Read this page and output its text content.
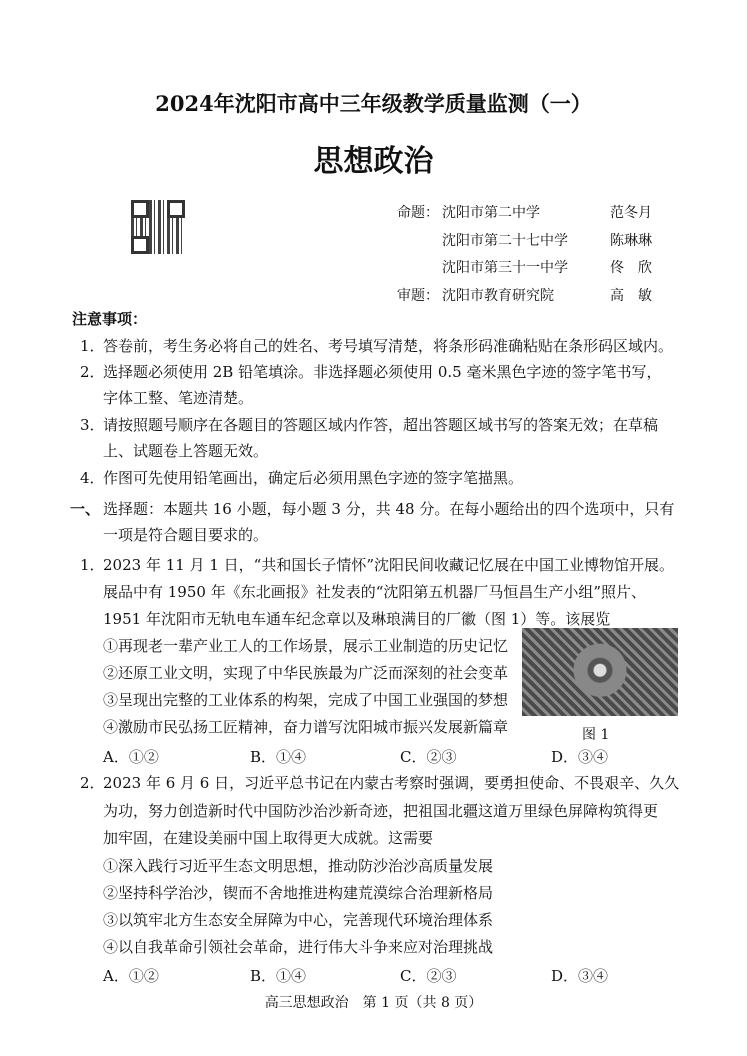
2024年沈阳市高中三年级教学质量监测（一）
思想政治
命题： 沈阳市第二中学	范冬月
沈阳市第二十七中学	陈琳琳
沈阳市第三十一中学	佟　欣
审题： 沈阳市教育研究院	高　敏
注意事项：
1．
答卷前，考生务必将自己的姓名、考号填写清楚，将条形码准确粘贴在条形码区域内。
2．
选择题必须使用 2B 铅笔填涂。非选择题必须使用 0.5 毫米黑色字迹的签字笔书写，
字体工整、笔迹清楚。
3．
请按照题号顺序在各题目的答题区域内作答，超出答题区域书写的答案无效；在草稿
上、试题卷上答题无效。
4．
作图可先使用铅笔画出，确定后必须用黑色字迹的签字笔描黑。
一、 选择题：本题共 16 小题，每小题 3 分，共 48 分。在每小题给出的四个选项中，只有
一项是符合题目要求的。
1．
2023 年 11 月 1 日，“共和国长子情怀”沈阳民间收藏记忆展在中国工业博物馆开展。
展品中有 1950 年《东北画报》社发表的“沈阳第五机器厂马恒昌生产小组”照片、
1951 年沈阳市无轨电车通车纪念章以及琳琅满目的厂徽（图 1）等。该展览
①再现老一辈产业工人的工作场景，展示工业制造的历史记忆
②还原工业文明，实现了中华民族最为广泛而深刻的社会变革
③呈现出完整的工业体系的构架，完成了中国工业强国的梦想
④激励市民弘扬工匠精神，奋力谱写沈阳城市振兴发展新篇章	图 1
A．①②	B．①④	C．②③	D．③④
2．
2023 年 6 月 6 日，习近平总书记在内蒙古考察时强调，要勇担使命、不畏艰辛、久久
为功，努力创造新时代中国防沙治沙新奇迹，把祖国北疆这道万里绿色屏障构筑得更
加牢固，在建设美丽中国上取得更大成就。这需要
①深入践行习近平生态文明思想，推动防沙治沙高质量发展
②坚持科学治沙，锲而不舍地推进构建荒漠综合治理新格局
③以筑牢北方生态安全屏障为中心，完善现代环境治理体系
④以自我革命引领社会革命，进行伟大斗争来应对治理挑战
A．①②	B．①④	C．②③	D．③④
高三思想政治　第 1 页（共 8 页）
